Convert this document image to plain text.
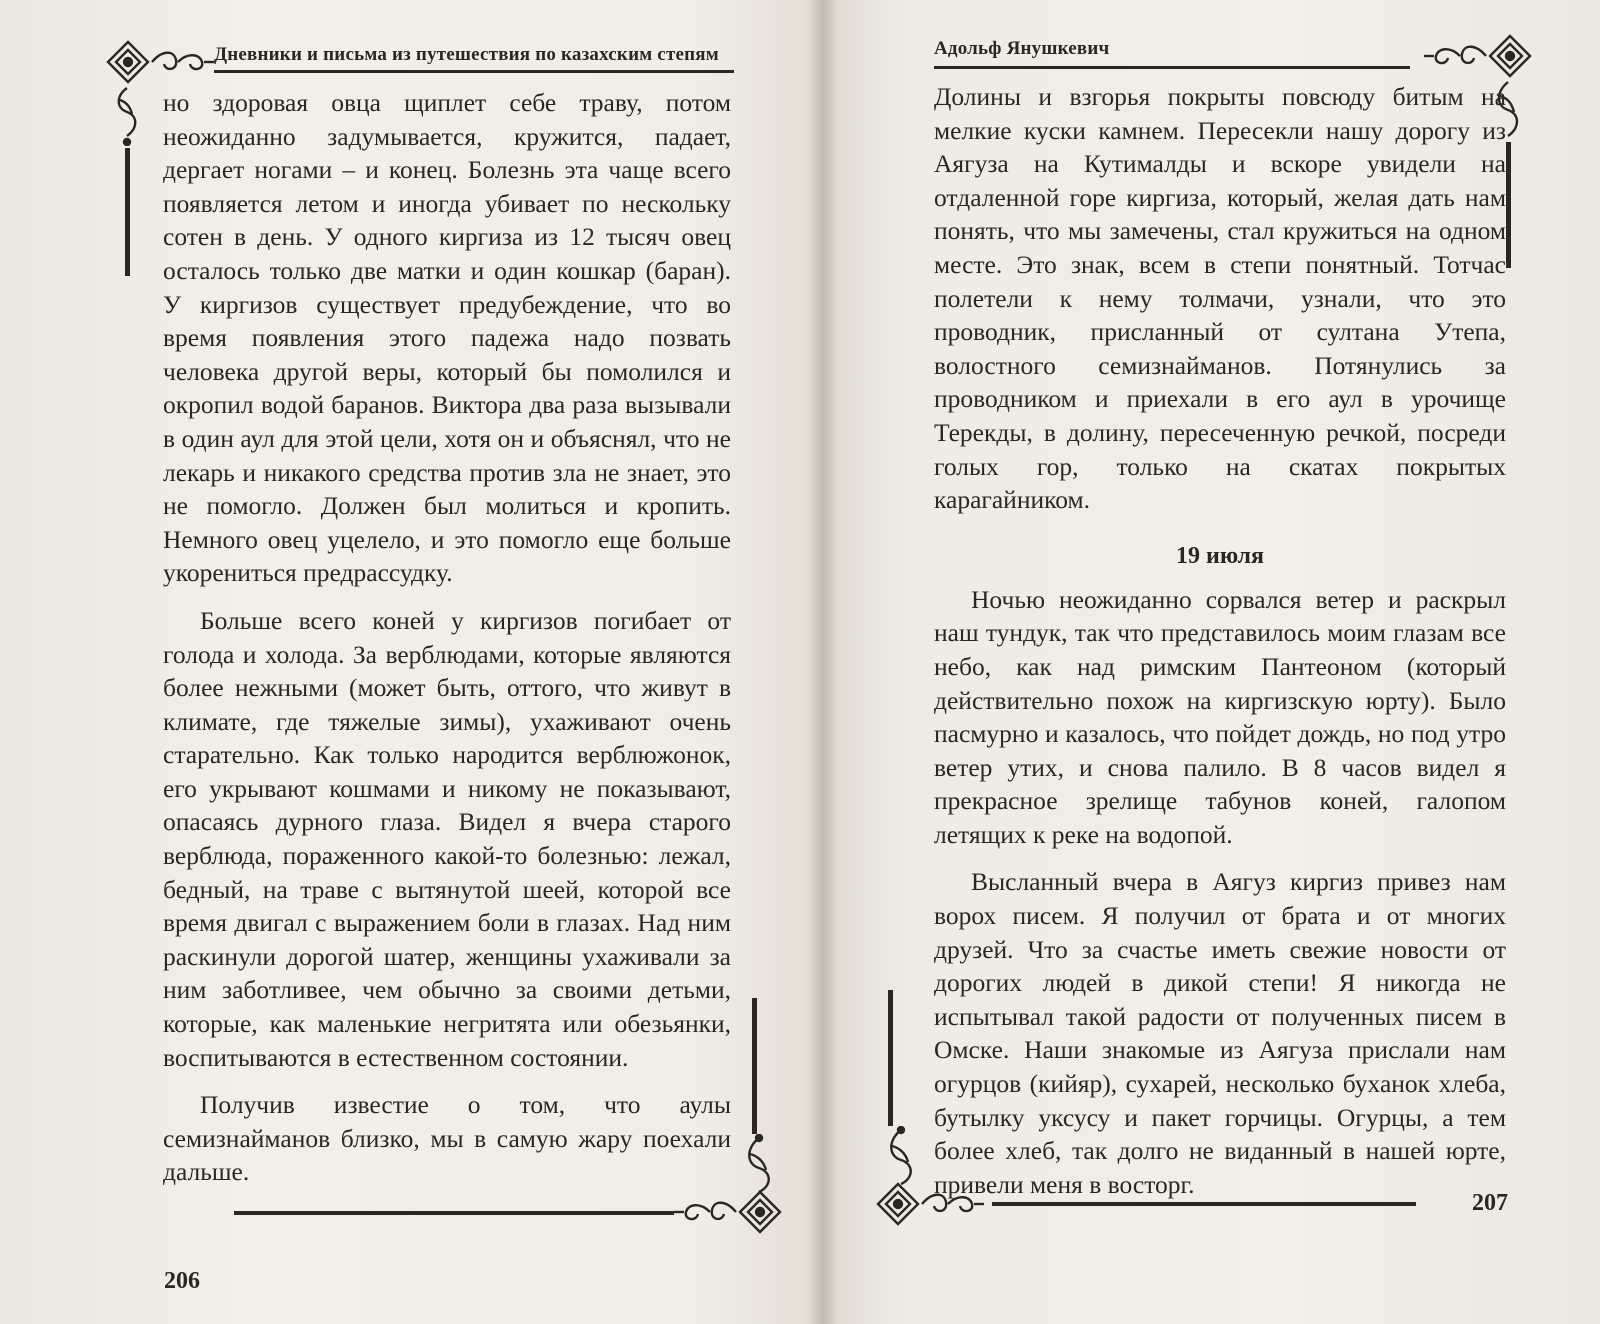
Дневники и письма из путешествия по казахским степям

но здоровая овца щиплет себе траву, потом неожиданно задумывается, кружится, падает, дергает ногами – и конец. Болезнь эта чаще всего появляется летом и иногда убивает по нескольку сотен в день. У одного киргиза из 12 тысяч овец осталось только две матки и один кошкар (баран). У киргизов существует предубеждение, что во время появления этого падежа надо позвать человека другой веры, который бы помолился и окропил водой баранов. Виктора два раза вызывали в один аул для этой цели, хотя он и объяснял, что не лекарь и никакого средства против зла не знает, это не помогло. Должен был молиться и кропить. Немного овец уцелело, и это помогло еще больше укорениться предрассудку.

Больше всего коней у киргизов погибает от голода и холода. За верблюдами, которые являются более нежными (может быть, оттого, что живут в климате, где тяжелые зимы), ухаживают очень старательно. Как только народится верблюжонок, его укрывают кошмами и никому не показывают, опасаясь дурного глаза. Видел я вчера старого верблюда, пораженного какой-то болезнью: лежал, бедный, на траве с вытянутой шеей, которой все время двигал с выражением боли в глазах. Над ним раскинули дорогой шатер, женщины ухаживали за ним заботливее, чем обычно за своими детьми, которые, как маленькие негритята или обезьянки, воспитываются в естественном состоянии.

Получив известие о том, что аулы семизнайманов близко, мы в самую жару поехали дальше.

206
Адольф Янушкевич

Долины и взгорья покрыты повсюду битым на мелкие куски камнем. Пересекли нашу дорогу из Аягуза на Кутималды и вскоре увидели на отдаленной горе киргиза, который, желая дать нам понять, что мы замечены, стал кружиться на одном месте. Это знак, всем в степи понятный. Тотчас полетели к нему толмачи, узнали, что это проводник, присланный от султана Утепа, волостного семизнайманов. Потянулись за проводником и приехали в его аул в урочище Терекды, в долину, пересеченную речкой, посреди голых гор, только на скатах покрытых карагайником.

19 июля

Ночью неожиданно сорвался ветер и раскрыл наш тундук, так что представилось моим глазам все небо, как над римским Пантеоном (который действительно похож на киргизскую юрту). Было пасмурно и казалось, что пойдет дождь, но под утро ветер утих, и снова палило. В 8 часов видел я прекрасное зрелище табунов коней, галопом летящих к реке на водопой.

Высланный вчера в Аягуз киргиз привез нам ворох писем. Я получил от брата и от многих друзей. Что за счастье иметь свежие новости от дорогих людей в дикой степи! Я никогда не испытывал такой радости от полученных писем в Омске. Наши знакомые из Аягуза прислали нам огурцов (кийяр), сухарей, несколько буханок хлеба, бутылку уксусу и пакет горчицы. Огурцы, а тем более хлеб, так долго не виданный в нашей юрте, привели меня в восторг.

207
